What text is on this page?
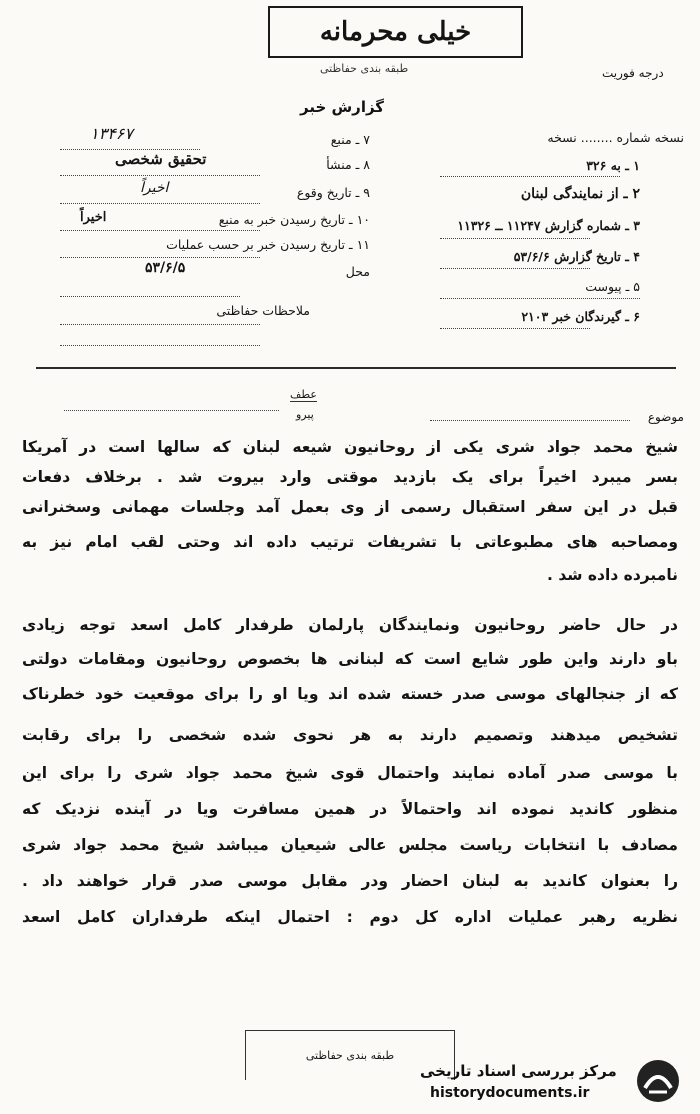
خیلی محرمانه
طبقه بندی حفاظتی	درجه فوریت
گزارش خبر
نسخه شماره ........ نسخه
۱ ـ به ۳۲۶
۲ ـ از نمایندگی لبنان
۳ ـ شماره گزارش ۱۱۲۴۷ ــ ۱۱۳۲۶
۴ ـ تاریخ گزارش ۵۳/۶/۶
۵ ـ پیوست
۶ ـ گیرندگان خبر ۲۱۰۳
۷ ـ منبع
۱۳۴۶۷
۸ ـ منشأ
تحقیق شخصی
۹ ـ تاریخ وقوع
اخیراً
۱۰ ـ تاریخ رسیدن خبر به منبع
اخیراً
۱۱ ـ تاریخ رسیدن خبر بر حسب عملیات
محل
۵۳/۶/۵
ملاحظات حفاظتی
موضوع
عطف
پیرو
شیخ محمد جواد شری یکی از روحانیون شیعه لبنان که سالها است در آمریکا
بسر میبرد اخیراً برای یک بازدید موقتی وارد بیروت شد . برخلاف دفعات
قبل در این سفر استقبال رسمی از وی بعمل آمد وجلسات مهمانی وسخنرانی
ومصاحبه های مطبوعاتی با تشریفات ترتیب داده اند وحتی لقب امام نیز به
نامبرده داده شد .
در حال حاضر روحانیون ونمایندگان پارلمان طرفدار کامل اسعد توجه زیادی
باو دارند واین طور شایع است که لبنانی ها بخصوص روحانیون ومقامات دولتی
که از جنجالهای موسی صدر خسته شده اند ویا او را برای موقعیت خود خطرناک
تشخیص میدهند وتصمیم دارند به هر نحوی شده شخصی را برای رقابت
با موسی صدر آماده نمایند واحتمال قوی شیخ محمد جواد شری را برای این
منظور کاندید نموده اند واحتمالاً در همین مسافرت ویا در آینده نزدیک که
مصادف با انتخابات ریاست مجلس عالی شیعیان میباشد شیخ محمد جواد شری
را بعنوان کاندید به لبنان احضار ودر مقابل موسی صدر قرار خواهند داد .
نظریه رهبر عملیات اداره کل دوم : احتمال اینکه طرفداران کامل اسعد
طبقه بندی حفاظتی
مرکز بررسی اسناد تاریخی
historydocuments.ir
